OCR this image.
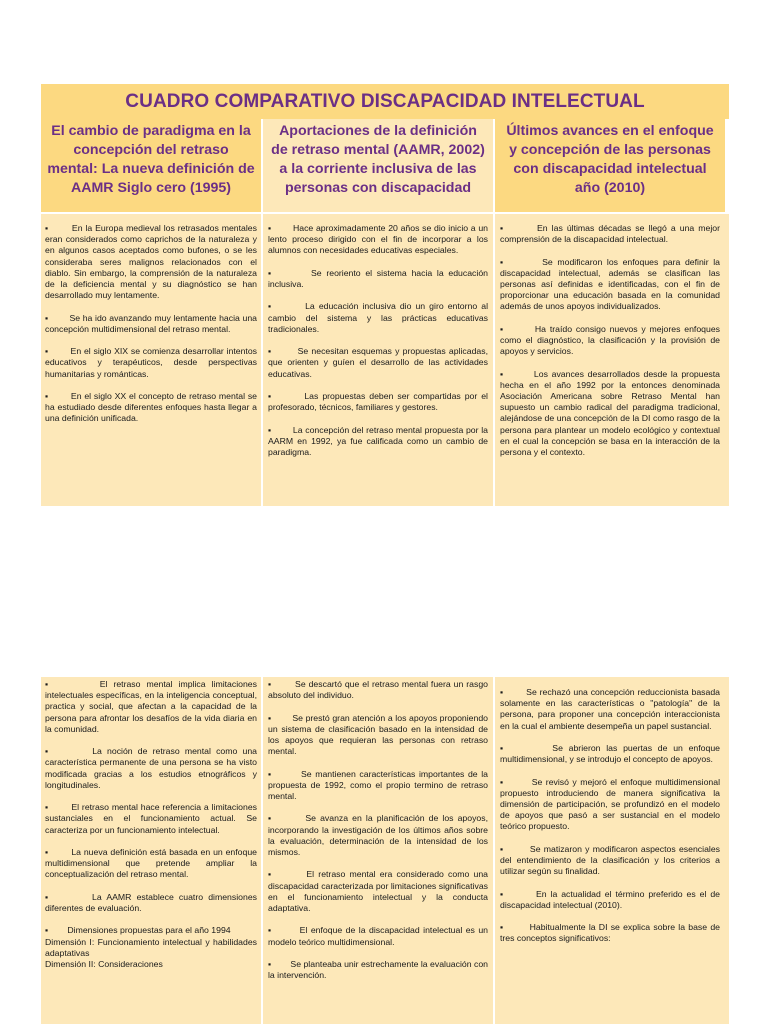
CUADRO COMPARATIVO DISCAPACIDAD INTELECTUAL
El cambio de paradigma en la concepción del retraso mental: La nueva definición de AAMR Siglo cero (1995)
Aportaciones de la definición de retraso mental (AAMR, 2002) a la corriente inclusiva de las personas con discapacidad
Últimos avances en el enfoque y concepción de las personas con discapacidad intelectual año (2010)

▪        En la Europa medieval los retrasados mentales eran considerados como caprichos de la naturaleza y en algunos casos aceptados como bufones, o se les consideraba seres malignos relacionados con el diablo. Sin embargo, la comprensión de la naturaleza de la deficiencia mental y su diagnóstico se han desarrollado muy lentamente.

▪        Se ha ido avanzando muy lentamente hacia una concepción multidimensional del retraso mental.

▪        En el siglo XIX se comienza desarrollar intentos educativos y terapéuticos, desde perspectivas humanitarias y románticas.

▪        En el siglo XX el concepto de retraso mental se ha estudiado desde diferentes enfoques hasta llegar a una definición unificada.

▪        Hace aproximadamente 20 años se dio inicio a un lento proceso dirigido con el fin de incorporar a los alumnos con necesidades educativas especiales.

▪        Se reoriento el sistema hacia la educación inclusiva.

▪        La educación inclusiva dio un giro entorno al cambio del sistema y las prácticas educativas tradicionales.

▪        Se necesitan esquemas y propuestas aplicadas, que orienten y guíen el desarrollo de las actividades educativas.

▪        Las propuestas deben ser compartidas por el profesorado, técnicos, familiares y gestores.

▪        La concepción del retraso mental propuesta por la AARM en 1992, ya fue calificada como un cambio de paradigma.

▪        En las últimas décadas se llegó a una mejor comprensión de la discapacidad intelectual.

▪        Se modificaron los enfoques para definir la discapacidad intelectual, además se clasifican las personas así definidas e identificadas, con el fin de proporcionar una educación basada en la comunidad además de unos apoyos individualizados.

▪        Ha traído consigo nuevos y mejores enfoques como el diagnóstico, la clasificación y la provisión de apoyos y servicios.

▪        Los avances desarrollados desde la propuesta hecha en el año 1992 por la entonces denominada Asociación Americana sobre Retraso Mental han supuesto un cambio radical del paradigma tradicional, alejándose de una concepción de la DI como rasgo de la persona para plantear un modelo ecológico y contextual en el cual la concepción se basa en la interacción de la persona y el contexto.

▪        El retraso mental implica limitaciones intelectuales específicas, en la inteligencia conceptual, practica y social, que afectan a la capacidad de la persona para afrontar los desafíos de la vida diaria en la comunidad.

▪        La noción de retraso mental como una característica permanente de una persona se ha visto modificada gracias a los estudios etnográficos y longitudinales.

▪        El retraso mental hace referencia a limitaciones sustanciales en el funcionamiento actual. Se caracteriza por un funcionamiento intelectual.

▪        La nueva definición está basada en un enfoque multidimensional que pretende ampliar la conceptualización del retraso mental.

▪        La AAMR establece cuatro dimensiones diferentes de evaluación.

▪        Dimensiones propuestas para el año 1994
Dimensión I: Funcionamiento intelectual y habilidades adaptativas
Dimensión II: Consideraciones

▪        Se descartó que el retraso mental fuera un rasgo absoluto del individuo.

▪        Se prestó gran atención a los apoyos proponiendo un sistema de clasificación basado en la intensidad de los apoyos que requieran las personas con retraso mental.

▪        Se mantienen características importantes de la propuesta de 1992, como el propio termino de retraso mental.

▪        Se avanza en la planificación de los apoyos, incorporando la investigación de los últimos años sobre la evaluación, determinación de la intensidad de los mismos.

▪        El retraso mental era considerado como una discapacidad caracterizada por limitaciones significativas en el funcionamiento intelectual y la conducta adaptativa.

▪        El enfoque de la discapacidad intelectual es un modelo teórico multidimensional.

▪        Se planteaba unir estrechamente la evaluación con la intervención.

▪        Se rechazó una concepción reduccionista basada solamente en las características o "patología" de la persona, para proponer una concepción interaccionista en la cual el ambiente desempeña un papel sustancial.

▪        Se abrieron las puertas de un enfoque multidimensional, y se introdujo el concepto de apoyos.

▪        Se revisó y mejoró el enfoque multidimensional propuesto introduciendo de manera significativa la dimensión de participación, se profundizó en el modelo de apoyos que pasó a ser sustancial en el modelo teórico propuesto.

▪        Se matizaron y modificaron aspectos esenciales del entendimiento de la clasificación y los criterios a utilizar según su finalidad.

▪        En la actualidad el término preferido es el de discapacidad intelectual (2010).

▪        Habitualmente la DI se explica sobre la base de tres conceptos significativos:
